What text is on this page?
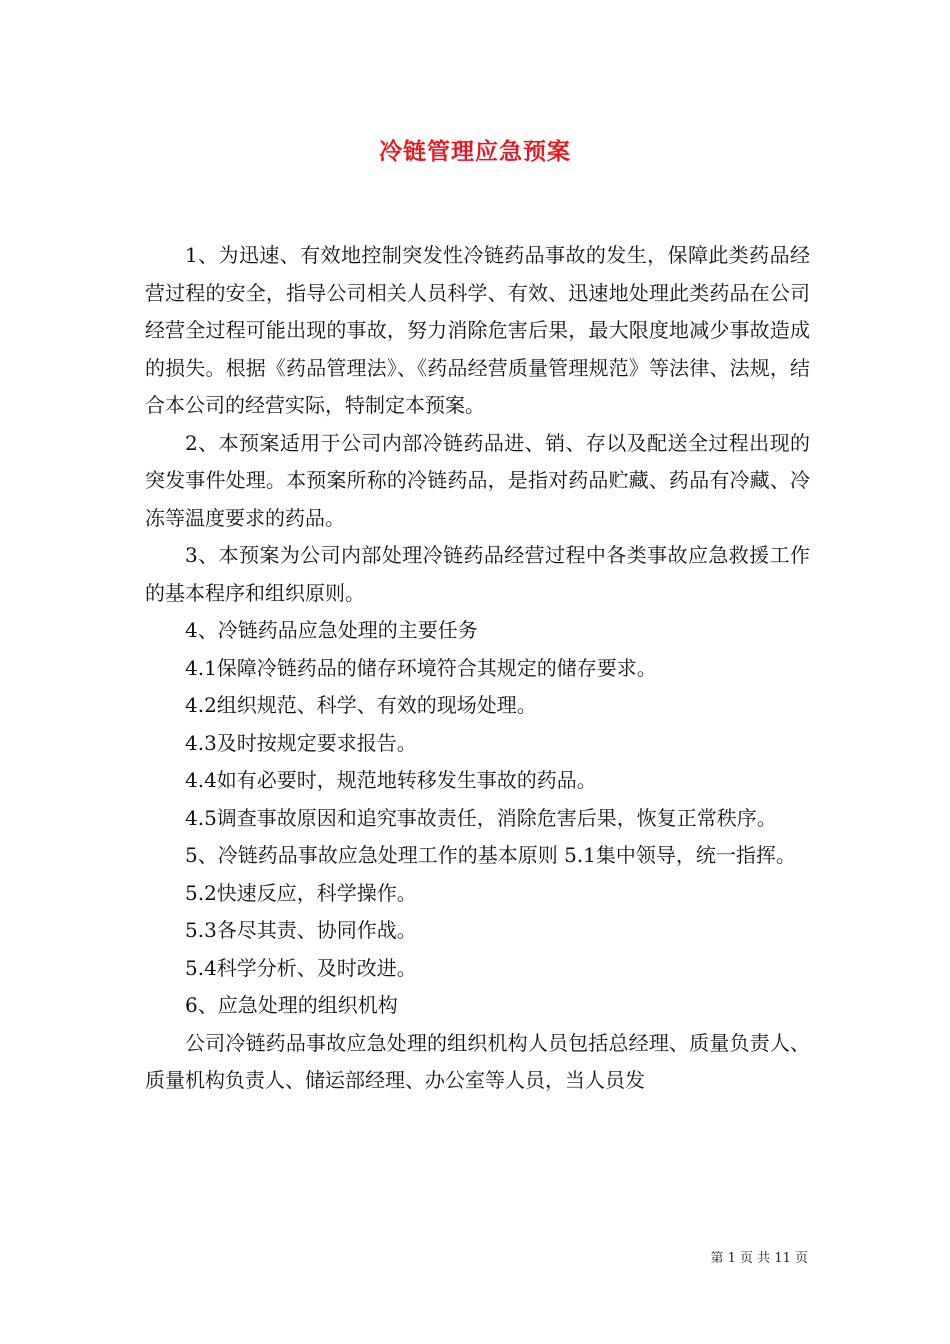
冷链管理应急预案

1、为迅速、有效地控制突发性冷链药品事故的发生，保障此类药品经营过程的安全，指导公司相关人员科学、有效、迅速地处理此类药品在公司经营全过程可能出现的事故，努力消除危害后果，最大限度地减少事故造成的损失。根据《药品管理法》、《药品经营质量管理规范》等法律、法规，结合本公司的经营实际，特制定本预案。

2、本预案适用于公司内部冷链药品进、销、存以及配送全过程出现的突发事件处理。本预案所称的冷链药品，是指对药品贮藏、药品有冷藏、冷冻等温度要求的药品。

3、本预案为公司内部处理冷链药品经营过程中各类事故应急救援工作的基本程序和组织原则。

4、冷链药品应急处理的主要任务

4.1保障冷链药品的储存环境符合其规定的储存要求。

4.2组织规范、科学、有效的现场处理。

4.3及时按规定要求报告。

4.4如有必要时，规范地转移发生事故的药品。

4.5调查事故原因和追究事故责任，消除危害后果，恢复正常秩序。

5、冷链药品事故应急处理工作的基本原则 5.1集中领导，统一指挥。

5.2快速反应，科学操作。

5.3各尽其责、协同作战。

5.4科学分析、及时改进。

6、应急处理的组织机构

公司冷链药品事故应急处理的组织机构人员包括总经理、质量负责人、质量机构负责人、储运部经理、办公室等人员，当人员发

第 1 页 共 11 页
